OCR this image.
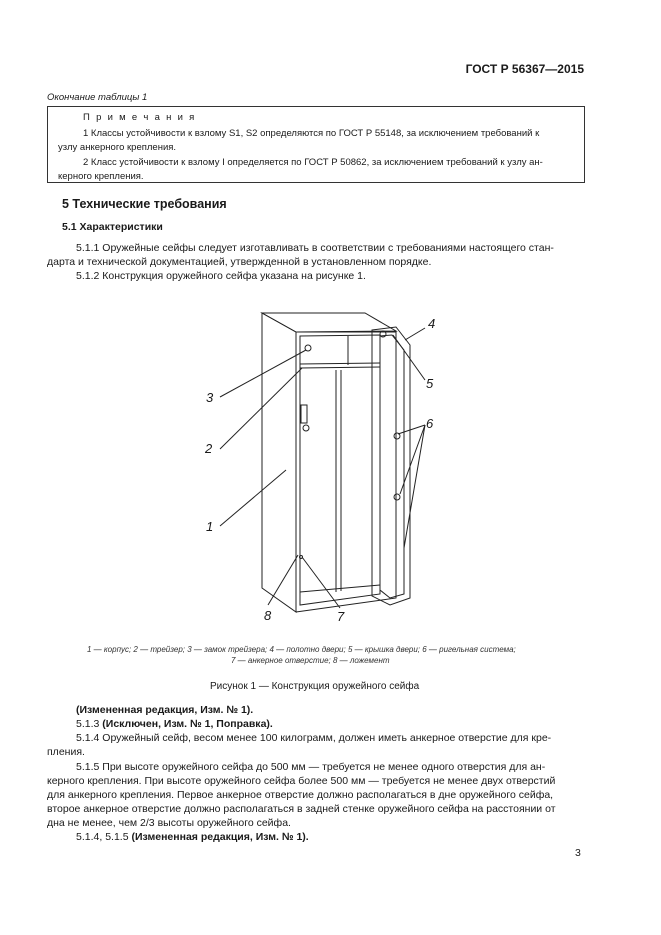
ГОСТ Р 56367—2015
Окончание таблицы 1
П р и м е ч а н и я
1 Классы устойчивости к взлому S1, S2 определяются по ГОСТ Р 55148, за исключением требований к
узлу анкерного крепления.
2 Класс устойчивости к взлому I определяется по ГОСТ Р 50862, за исключением требований к узлу ан-
керного крепления.
5 Технические требования
5.1 Характеристики
5.1.1 Оружейные сейфы следует изготавливать в соответствии с требованиями настоящего стан-
дарта и технической документацией, утвержденной в установленном порядке.
5.1.2 Конструкция оружейного сейфа указана на рисунке 1.
1
2
3
4
5
6
7
8
1 — корпус; 2 — трейзер; 3 — замок трейзера; 4 — полотно двери; 5 — крышка двери; 6 — ригельная система;
7 — анкерное отверстие; 8 — ложемент
Рисунок 1 — Конструкция оружейного сейфа
(Измененная редакция, Изм. № 1).
5.1.3 (Исключен, Изм. № 1, Поправка).
5.1.4 Оружейный сейф, весом менее 100 килограмм, должен иметь анкерное отверстие для кре-
пления.
5.1.5 При высоте оружейного сейфа до 500 мм — требуется не менее одного отверстия для ан-
керного крепления. При высоте оружейного сейфа более 500 мм — требуется не менее двух отверстий
для анкерного крепления. Первое анкерное отверстие должно располагаться в дне оружейного сейфа,
второе анкерное отверстие должно располагаться в задней стенке оружейного сейфа на расстоянии от
дна не менее, чем 2/3 высоты оружейного сейфа.
5.1.4, 5.1.5 (Измененная редакция, Изм. № 1).
3
